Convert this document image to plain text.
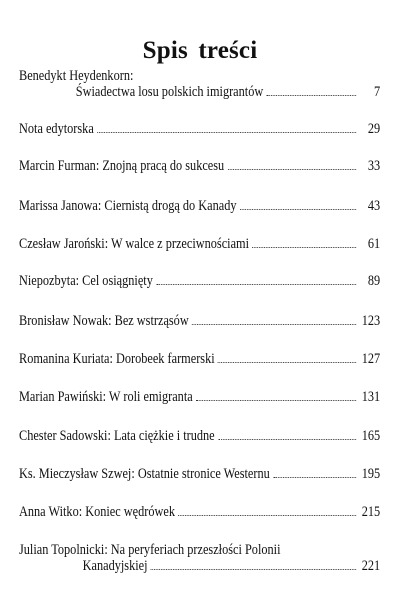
Spis treści
Benedykt Heydenkorn:
Świadectwa losu polskich imigrantów	7
Nota edytorska	29
Marcin Furman: Znojną pracą do sukcesu	33
Marissa Janowa: Ciernistą drogą do Kanady	43
Czesław Jaroński: W walce z przeciwnościami	61
Niepozbyta: Cel osiągnięty	89
Bronisław Nowak: Bez wstrząsów	123
Romanina Kuriata: Dorobeek farmerski	127
Marian Pawiński: W roli emigranta	131
Chester Sadowski: Lata ciężkie i trudne	165
Ks. Mieczysław Szwej: Ostatnie stronice Westernu	195
Anna Witko: Koniec wędrówek	215
Julian Topolnicki: Na peryferiach przeszłości Polonii
Kanadyjskiej	221
